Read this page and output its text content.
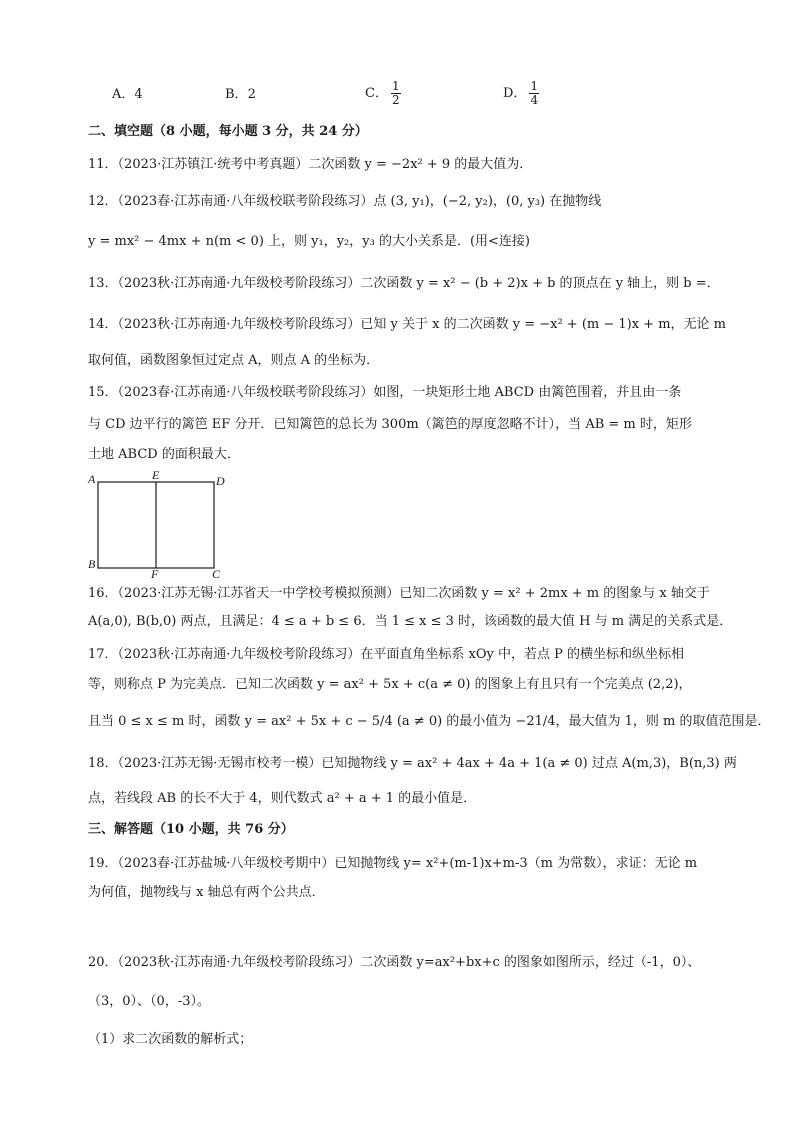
A．4	B．2	C． $\frac{1}{2}$	D． $\frac{1}{4}$
二、填空题（8 小题，每小题 3 分，共 24 分）
11．（2023·江苏镇江·统考中考真题）二次函数 y = −2x² + 9 的最大值为．
12．（2023春·江苏南通·八年级校联考阶段练习）点 (3, y₁)，(−2, y₂)，(0, y₃) 在抛物线
y = mx² − 4mx + n(m < 0) 上，则 y₁，y₂，y₃ 的大小关系是．(用<连接)
13．（2023秋·江苏南通·九年级校考阶段练习）二次函数 y = x² − (b + 2)x + b 的顶点在 y 轴上，则 b =．
14．（2023秋·江苏南通·九年级校考阶段练习）已知 y 关于 x 的二次函数 y = −x² + (m − 1)x + m，无论 m
取何值，函数图象恒过定点 A，则点 A 的坐标为．
15．（2023春·江苏南通·八年级校联考阶段练习）如图，一块矩形土地 ABCD 由篱笆围着，并且由一条
与 CD 边平行的篱笆 EF 分开．已知篱笆的总长为 300m（篱笆的厚度忽略不计），当 AB = m 时，矩形
土地 ABCD 的面积最大．
A	E	D
B
F	C
16．（2023·江苏无锡·江苏省天一中学校考模拟预测）已知二次函数 y = x² + 2mx + m 的图象与 x 轴交于
A(a,0), B(b,0) 两点，且满足：4 ≤ a + b ≤ 6．当 1 ≤ x ≤ 3 时，该函数的最大值 H 与 m 满足的关系式是．
17．（2023秋·江苏南通·九年级校考阶段练习）在平面直角坐标系 xOy 中，若点 P 的横坐标和纵坐标相
等，则称点 P 为完美点．已知二次函数 y = ax² + 5x + c(a ≠ 0) 的图象上有且只有一个完美点 (2,2)，
且当 0 ≤ x ≤ m 时，函数 y = ax² + 5x + c − 5/4 (a ≠ 0) 的最小值为 −21/4，最大值为 1，则 m 的取值范围是．
18．（2023·江苏无锡·无锡市校考一模）已知抛物线 y = ax² + 4ax + 4a + 1(a ≠ 0) 过点 A(m,3)，B(n,3) 两
点，若线段 AB 的长不大于 4，则代数式 a² + a + 1 的最小值是．
三、解答题（10 小题，共 76 分）
19．（2023春·江苏盐城·八年级校考期中）已知抛物线 y= x²+(m-1)x+m-3（m 为常数），求证：无论 m
为何值，抛物线与 x 轴总有两个公共点．
20．（2023秋·江苏南通·九年级校考阶段练习）二次函数 y=ax²+bx+c 的图象如图所示，经过（-1，0）、
（3，0）、（0，-3）。
（1）求二次函数的解析式；
